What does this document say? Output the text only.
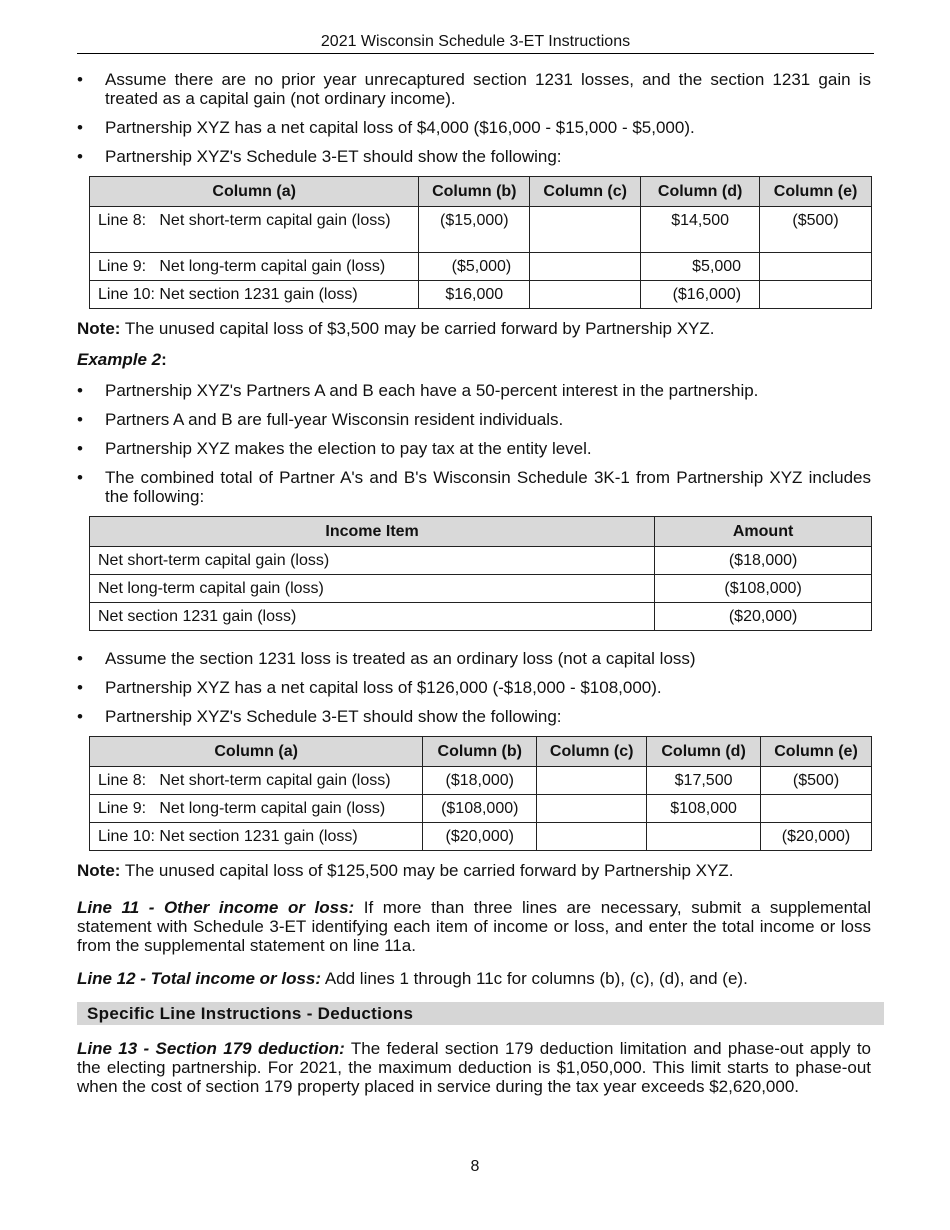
2021 Wisconsin Schedule 3-ET Instructions
• Assume there are no prior year unrecaptured section 1231 losses, and the section 1231 gain is treated as a capital gain (not ordinary income).
• Partnership XYZ has a net capital loss of $4,000 ($16,000 - $15,000 - $5,000).
• Partnership XYZ's Schedule 3-ET should show the following:
Column (a)	Column (b)	Column (c)	Column (d)	Column (e)
Line 8:   Net short-term capital gain (loss)	($15,000)		$14,500	($500)
Line 9:   Net long-term capital gain (loss)	($5,000)		$5,000	
Line 10: Net section 1231 gain (loss)	$16,000		($16,000)	

Note: The unused capital loss of $3,500 may be carried forward by Partnership XYZ.

Example 2:

• Partnership XYZ's Partners A and B each have a 50-percent interest in the partnership.
• Partners A and B are full-year Wisconsin resident individuals.
• Partnership XYZ makes the election to pay tax at the entity level.
• The combined total of Partner A's and B's Wisconsin Schedule 3K-1 from Partnership XYZ includes the following:
Income Item	Amount
Net short-term capital gain (loss)	($18,000)
Net long-term capital gain (loss)	($108,000)
Net section 1231 gain (loss)	($20,000)
• Assume the section 1231 loss is treated as an ordinary loss (not a capital loss)
• Partnership XYZ has a net capital loss of $126,000 (-$18,000 - $108,000).
• Partnership XYZ's Schedule 3-ET should show the following:
Column (a)	Column (b)	Column (c)	Column (d)	Column (e)
Line 8:   Net short-term capital gain (loss)	($18,000)		$17,500	($500)
Line 9:   Net long-term capital gain (loss)	($108,000)		$108,000	
Line 10: Net section 1231 gain (loss)	($20,000)			($20,000)

Note: The unused capital loss of $125,500 may be carried forward by Partnership XYZ.

Line 11 - Other income or loss: If more than three lines are necessary, submit a supplemental statement with Schedule 3-ET identifying each item of income or loss, and enter the total income or loss from the supplemental statement on line 11a.

Line 12 - Total income or loss: Add lines 1 through 11c for columns (b), (c), (d), and (e).

Specific Line Instructions - Deductions

Line 13 - Section 179 deduction: The federal section 179 deduction limitation and phase-out apply to the electing partnership. For 2021, the maximum deduction is $1,050,000. This limit starts to phase-out when the cost of section 179 property placed in service during the tax year exceeds $2,620,000.

8
